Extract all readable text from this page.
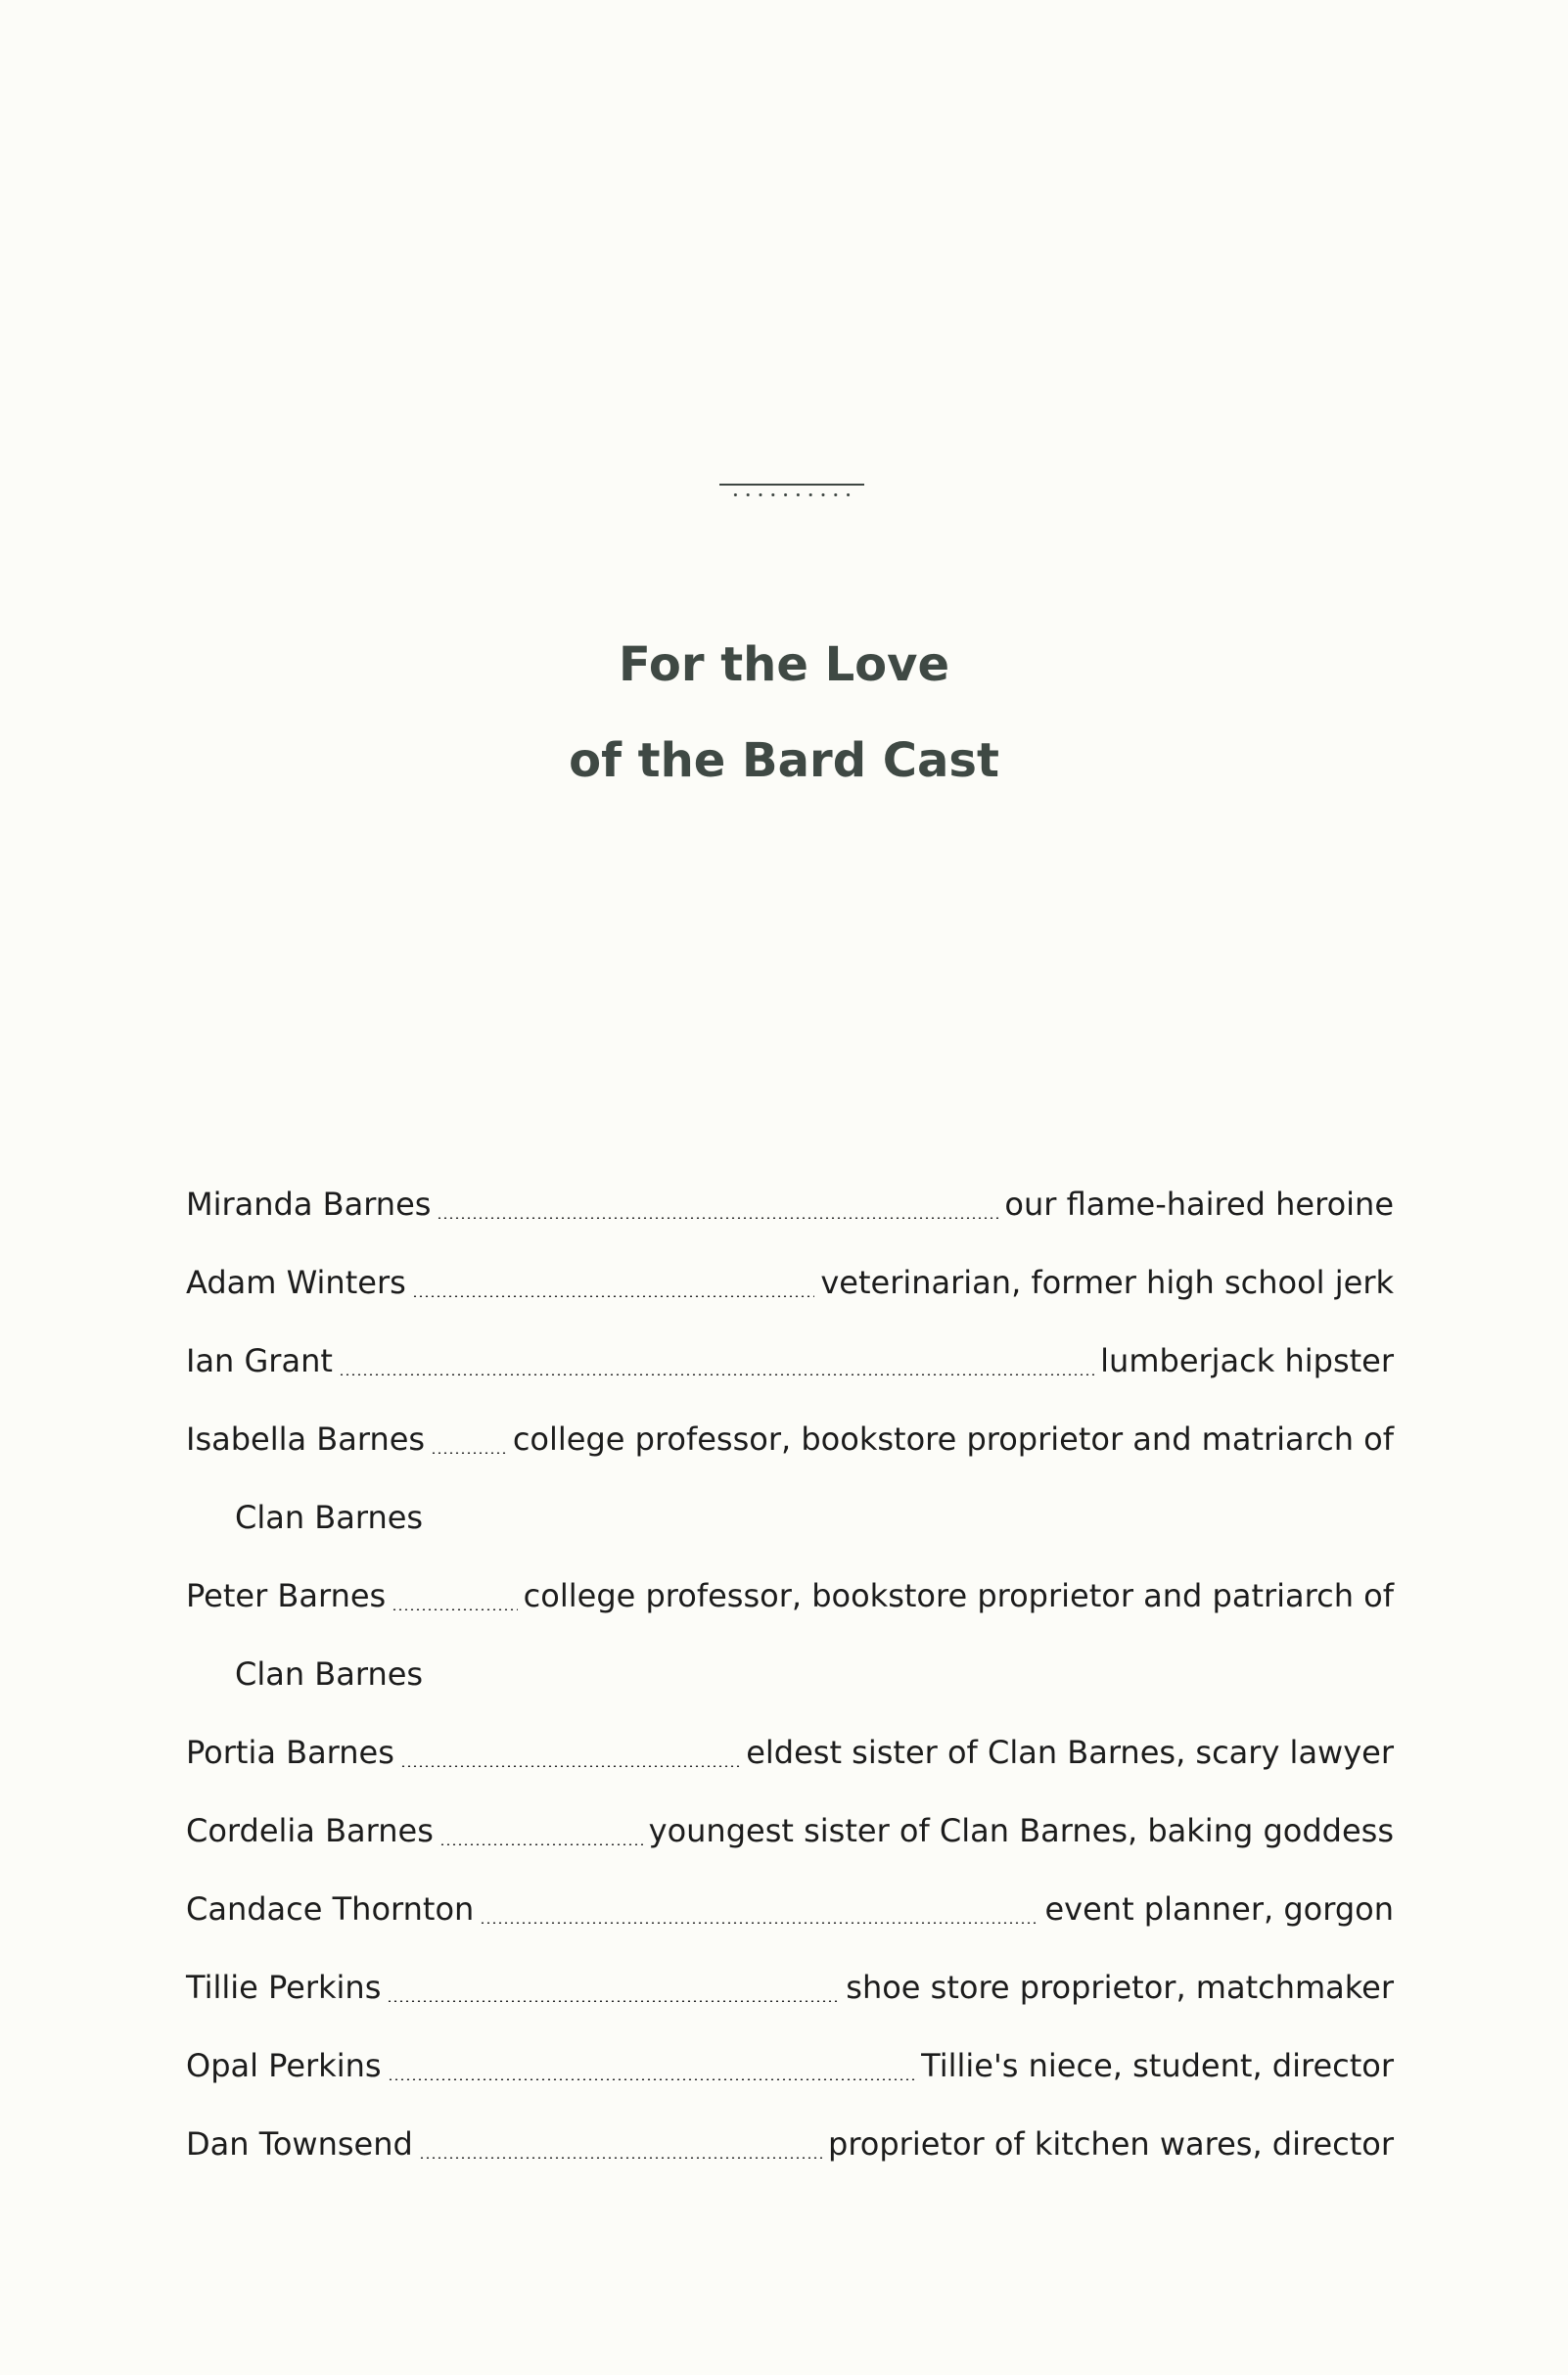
For the Love
of the Bard Cast
Miranda Barnes	our flame-haired heroine
Adam Winters	veterinarian, former high school jerk
Ian Grant	lumberjack hipster
Isabella Barnes	college professor, bookstore proprietor and matriarch of
Clan Barnes
Peter Barnes	college professor, bookstore proprietor and patriarch of
Clan Barnes
Portia Barnes	eldest sister of Clan Barnes, scary lawyer
Cordelia Barnes	youngest sister of Clan Barnes, baking goddess
Candace Thornton	event planner, gorgon
Tillie Perkins	shoe store proprietor, matchmaker
Opal Perkins	Tillie's niece, student, director
Dan Townsend	proprietor of kitchen wares, director
